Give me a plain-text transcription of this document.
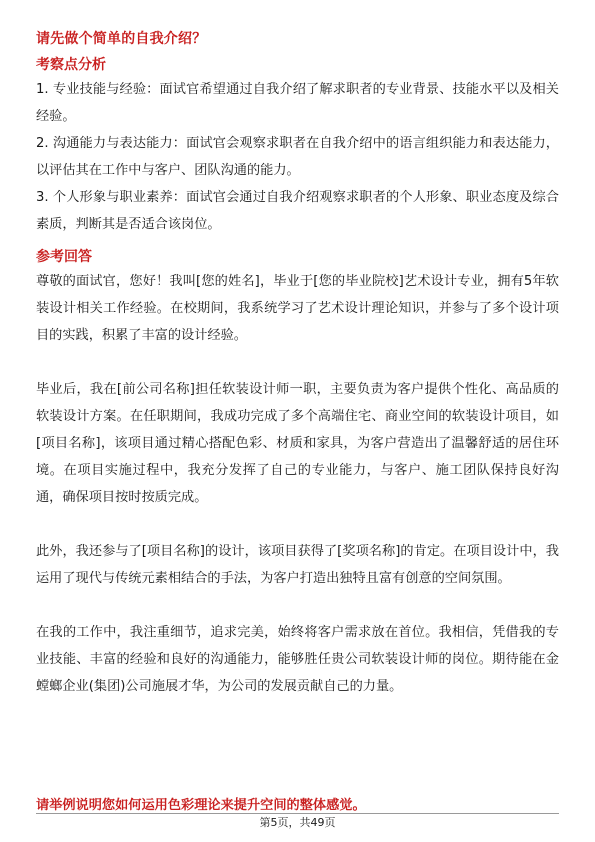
请先做个简单的自我介绍？
考察点分析
1. 专业技能与经验：面试官希望通过自我介绍了解求职者的专业背景、技能水平以及相关经验。
2. 沟通能力与表达能力：面试官会观察求职者在自我介绍中的语言组织能力和表达能力，以评估其在工作中与客户、团队沟通的能力。
3. 个人形象与职业素养：面试官会通过自我介绍观察求职者的个人形象、职业态度及综合素质，判断其是否适合该岗位。
参考回答

尊敬的面试官，您好！我叫[您的姓名]，毕业于[您的毕业院校]艺术设计专业，拥有5年软装设计相关工作经验。在校期间，我系统学习了艺术设计理论知识，并参与了多个设计项目的实践，积累了丰富的设计经验。

毕业后，我在[前公司名称]担任软装设计师一职，主要负责为客户提供个性化、高品质的软装设计方案。在任职期间，我成功完成了多个高端住宅、商业空间的软装设计项目，如[项目名称]，该项目通过精心搭配色彩、材质和家具，为客户营造出了温馨舒适的居住环境。在项目实施过程中，我充分发挥了自己的专业能力，与客户、施工团队保持良好沟通，确保项目按时按质完成。

此外，我还参与了[项目名称]的设计，该项目获得了[奖项名称]的肯定。在项目设计中，我运用了现代与传统元素相结合的手法，为客户打造出独特且富有创意的空间氛围。

在我的工作中，我注重细节，追求完美，始终将客户需求放在首位。我相信，凭借我的专业技能、丰富的经验和良好的沟通能力，能够胜任贵公司软装设计师的岗位。期待能在金螳螂企业(集团)公司施展才华，为公司的发展贡献自己的力量。

请举例说明您如何运用色彩理论来提升空间的整体感觉。

第5页，共49页
